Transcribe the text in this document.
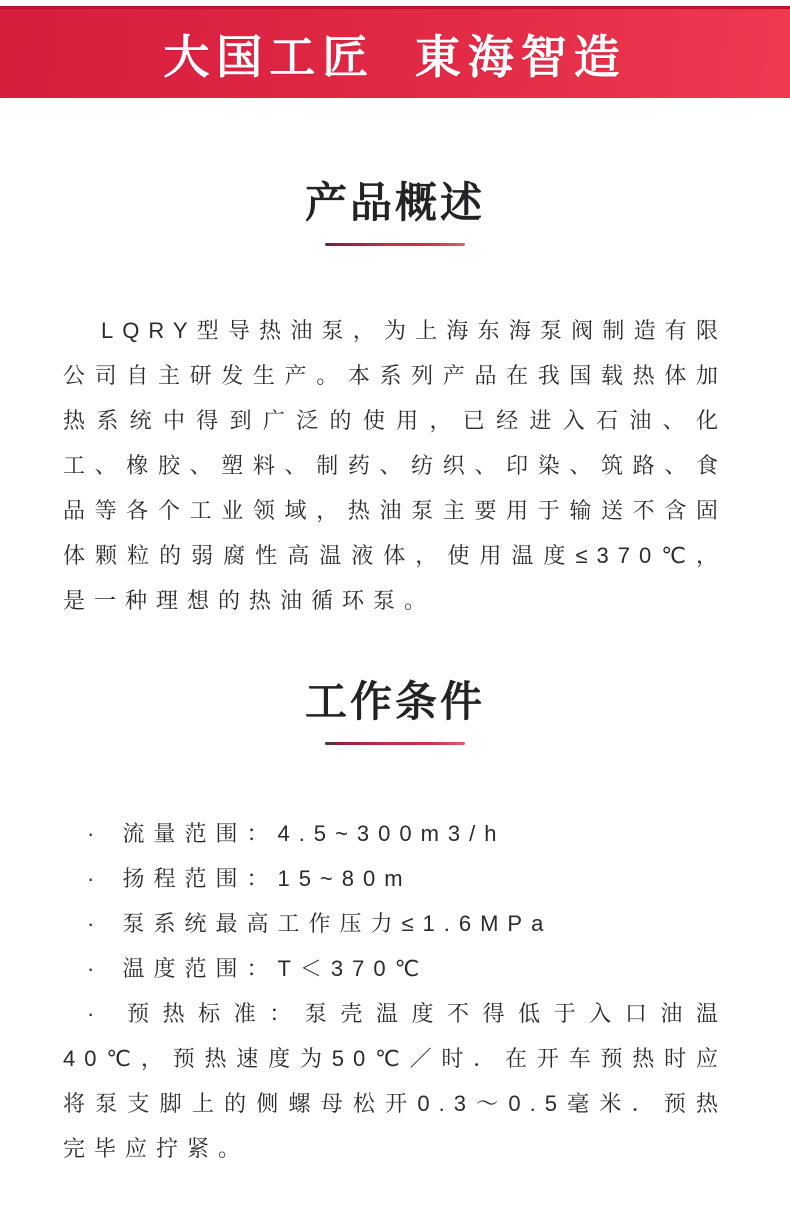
大国工匠  東海智造
产品概述

LQRY型导热油泵，为上海东海泵阀制造有限公司自主研发生产。本系列产品在我国载热体加热系统中得到广泛的使用，已经进入石油、化工、橡胶、塑料、制药、纺织、印染、筑路、食品等各个工业领域，热油泵主要用于输送不含固体颗粒的弱腐性高温液体，使用温度≤370℃，是一种理想的热油循环泵。

工作条件
· 流量范围：4.5~300m3/h
· 扬程范围：15~80m
· 泵系统最高工作压力≤1.6MPa
· 温度范围：T＜370℃
· 预热标准：泵壳温度不得低于入口油温40℃，预热速度为50℃／时．在开车预热时应将泵支脚上的侧螺母松开0.3～0.5毫米．预热完毕应拧紧。
